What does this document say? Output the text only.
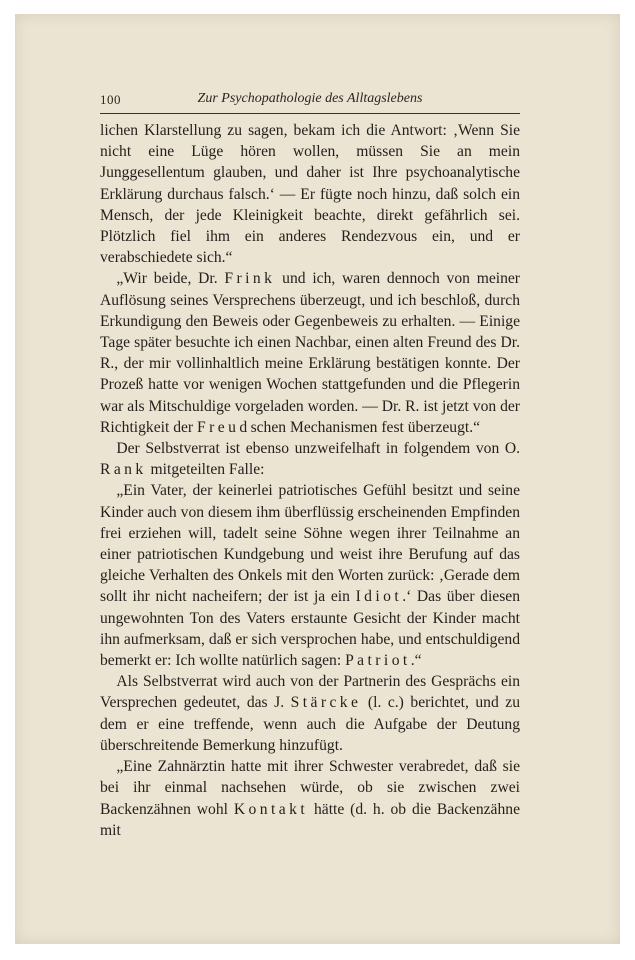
100	Zur Psychopathologie des Alltagslebens

lichen Klarstellung zu sagen, bekam ich die Antwort: ‚Wenn Sie nicht eine Lüge hören wollen, müssen Sie an mein Junggesellentum glauben, und daher ist Ihre psychoanalytische Erklärung durchaus falsch.‘ — Er fügte noch hinzu, daß solch ein Mensch, der jede Kleinigkeit beachte, direkt gefährlich sei. Plötzlich fiel ihm ein anderes Rendezvous ein, und er verabschiedete sich.“

„Wir beide, Dr. Frink und ich, waren dennoch von meiner Auflösung seines Versprechens überzeugt, und ich beschloß, durch Erkundigung den Beweis oder Gegenbeweis zu erhalten. — Einige Tage später besuchte ich einen Nachbar, einen alten Freund des Dr. R., der mir vollinhaltlich meine Erklärung bestätigen konnte. Der Prozeß hatte vor wenigen Wochen stattgefunden und die Pflegerin war als Mitschuldige vorgeladen worden. — Dr. R. ist jetzt von der Richtigkeit der Freudschen Mechanismen fest überzeugt.“

Der Selbstverrat ist ebenso unzweifelhaft in folgendem von O. Rank mitgeteilten Falle:

„Ein Vater, der keinerlei patriotisches Gefühl besitzt und seine Kinder auch von diesem ihm überflüssig erscheinenden Empfinden frei erziehen will, tadelt seine Söhne wegen ihrer Teilnahme an einer patriotischen Kundgebung und weist ihre Berufung auf das gleiche Verhalten des Onkels mit den Worten zurück: ‚Gerade dem sollt ihr nicht nacheifern; der ist ja ein Idiot.‘ Das über diesen ungewohnten Ton des Vaters erstaunte Gesicht der Kinder macht ihn aufmerksam, daß er sich versprochen habe, und entschuldigend bemerkt er: Ich wollte natürlich sagen: Patriot.“

Als Selbstverrat wird auch von der Partnerin des Gesprächs ein Versprechen gedeutet, das J. Stärcke (l. c.) berichtet, und zu dem er eine treffende, wenn auch die Aufgabe der Deutung überschreitende Bemerkung hinzufügt.

„Eine Zahnärztin hatte mit ihrer Schwester verabredet, daß sie bei ihr einmal nachsehen würde, ob sie zwischen zwei Backenzähnen wohl Kontakt hätte (d. h. ob die Backenzähne mit
